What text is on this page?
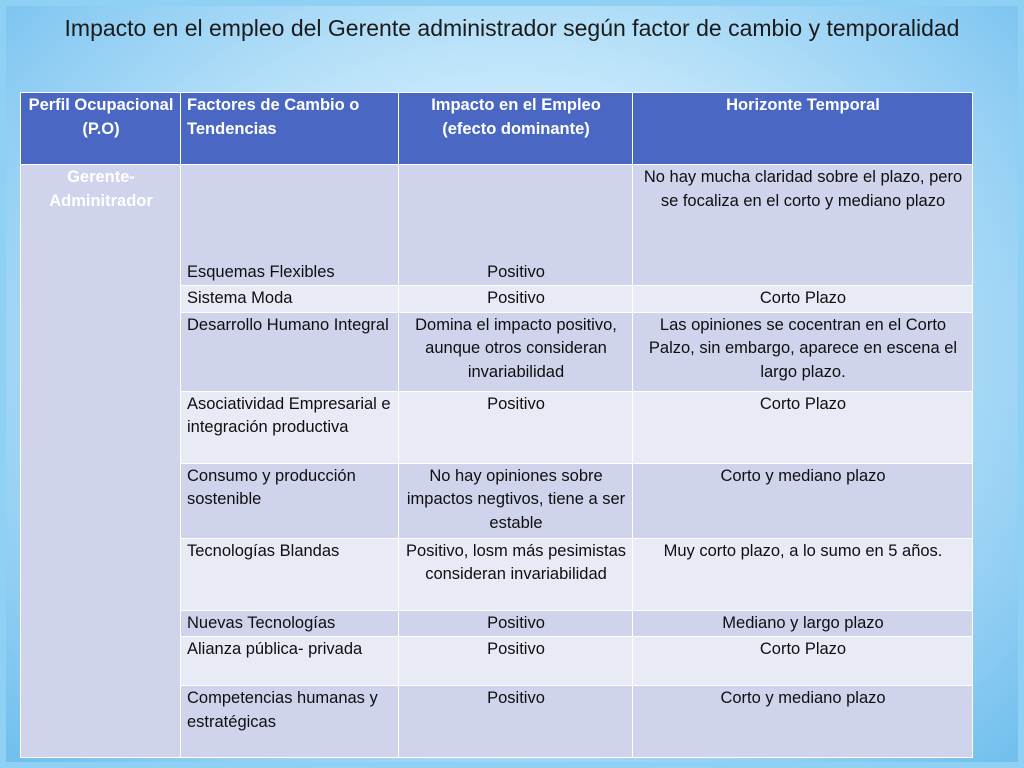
Impacto en el empleo del Gerente administrador según factor de cambio y temporalidad
Perfil Ocupacional (P.O)	Factores de Cambio o Tendencias	Impacto en el Empleo (efecto dominante)	Horizonte Temporal
Gerente- Adminitrador	Esquemas Flexibles	Positivo	No hay mucha claridad sobre el plazo, pero se focaliza en el corto y mediano plazo
	Sistema Moda	Positivo	Corto Plazo
	Desarrollo Humano Integral	Domina el impacto positivo, aunque otros consideran invariabilidad	Las opiniones se cocentran en el Corto Palzo, sin embargo, aparece en escena el largo plazo.
	Asociatividad Empresarial e integración productiva	Positivo	Corto Plazo
	Consumo y producción sostenible	No hay opiniones sobre impactos negtivos, tiene a ser estable	Corto y mediano plazo
	Tecnologías Blandas	Positivo, losm más pesimistas consideran invariabilidad	Muy corto plazo, a lo sumo en 5 años.
	Nuevas Tecnologías	Positivo	Mediano y largo plazo
	Alianza pública- privada	Positivo	Corto Plazo
	Competencias humanas y estratégicas	Positivo	Corto y mediano plazo
